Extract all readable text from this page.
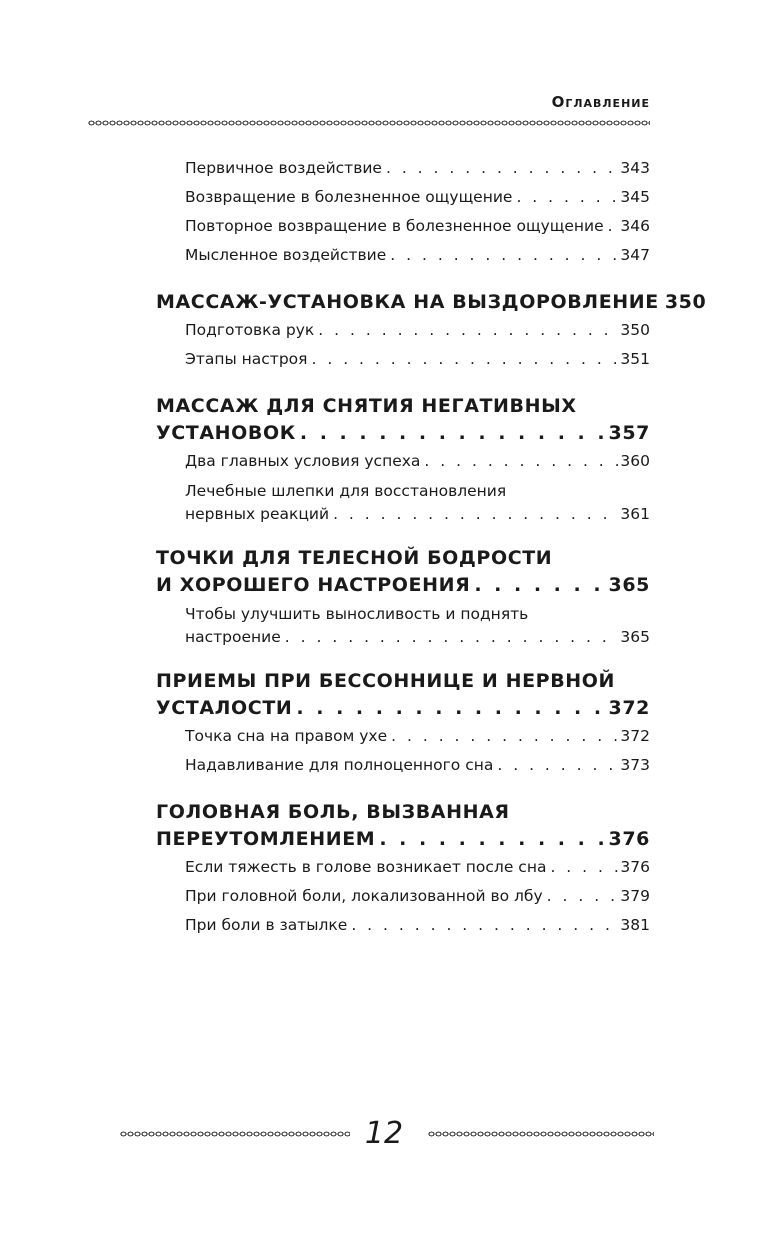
Оглавление
Первичное воздействие . . .	343
Возвращение в болезненное ощущение . . .	345
Повторное возвращение в болезненное ощущение . . . 346
Мысленное воздействие . . .	347
МАССАЖ-УСТАНОВКА НА ВЫЗДОРОВЛЕНИЕ 350
Подготовка рук . . .	350
Этапы настроя . . .	351
МАССАЖ ДЛЯ СНЯТИЯ НЕГАТИВНЫХ
УСТАНОВОК . . .	357
Два главных условия успеха . . .	360
Лечебные шлепки для восстановления
нервных реакций . . .	361
ТОЧКИ ДЛЯ ТЕЛЕСНОЙ БОДРОСТИ
И ХОРОШЕГО НАСТРОЕНИЯ . . .	365
Чтобы улучшить выносливость и поднять
настроение . . .	365
ПРИЕМЫ ПРИ БЕССОННИЦЕ И НЕРВНОЙ
УСТАЛОСТИ . . .	372
Точка сна на правом ухе . . .	372
Надавливание для полноценного сна . . .	373
ГОЛОВНАЯ БОЛЬ, ВЫЗВАННАЯ
ПЕРЕУТОМЛЕНИЕМ . . .	376
Если тяжесть в голове возникает после сна . . .	376
При головной боли, локализованной во лбу . . .	379
При боли в затылке . . .	381
12
